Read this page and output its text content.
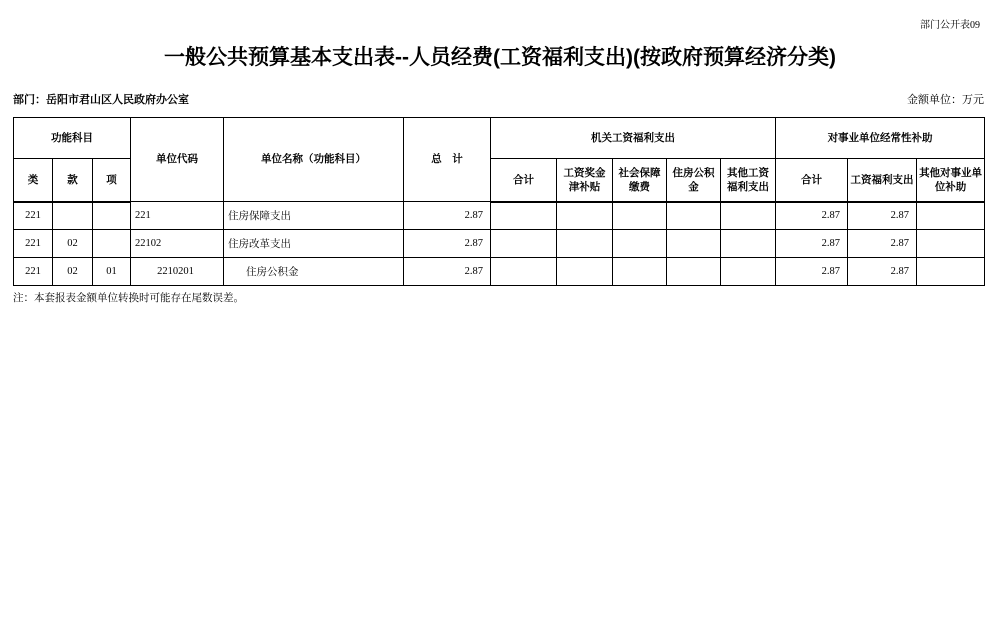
部门公开表09
一般公共预算基本支出表--人员经费(工资福利支出)(按政府预算经济分类)
部门：岳阳市君山区人民政府办公室	金额单位：万元
功能科目			单位代码	单位名称（功能科目）	总　计	机关工资福利支出					对事业单位经常性补助		
类	款	项				合计	工资奖金津补贴	社会保障缴费	住房公积金	其他工资福利支出	合计	工资福利支出	其他对事业单位补助
221			221	住房保障支出	2.87						2.87	2.87	
221	02		22102	住房改革支出	2.87						2.87	2.87	
221	02	01	2210201	住房公积金	2.87						2.87	2.87	
注：本套报表金额单位转换时可能存在尾数误差。
